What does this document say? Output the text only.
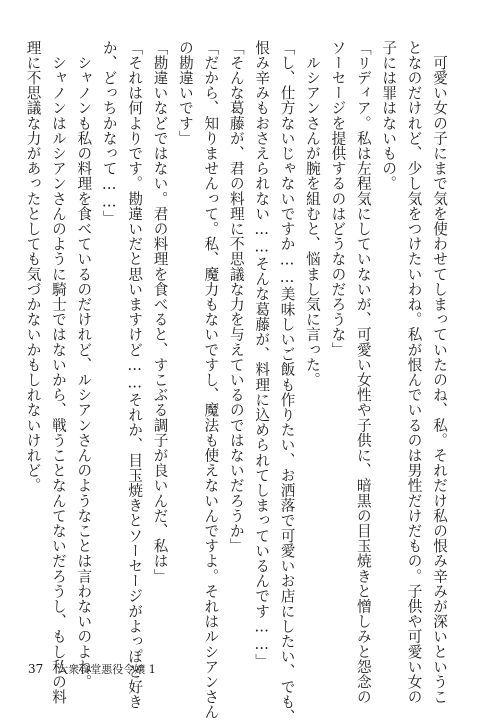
　可愛い女の子にまで気を使わせてしまっていたのね、私。それだけ私の恨み辛みが深いというこ

となのだけれど、少し気をつけたいわね。私が恨んでいるのは男性だけだもの。子供や可愛い女の

子には罪はないもの。

「リディア。私は左程気にしていないが、可愛い女性や子供に、暗黒の目玉焼きと憎しみと怨念の

ソーセージを提供するのはどうなのだろうな」

　ルシアンさんが腕を組むと、悩まし気に言った。

「し、仕方ないじゃないですか……美味しいご飯も作りたい、お洒落で可愛いお店にしたい、でも、

恨み辛みもおさえられない……そんな葛藤が、料理に込められてしまっているんです……」

「そんな葛藤が、君の料理に不思議な力を与えているのではないだろうか」

「だから、知りませんって。私、魔力もないですし、魔法も使えないんですよ。それはルシアンさん

の勘違いです」

「勘違いなどではない。君の料理を食べると、すこぶる調子が良いんだ、私は」

「それは何よりです。勘違いだと思いますけど……それか、目玉焼きとソーセージがよっぽど好き

か、どっちかなって……」

　シャノンも私の料理を食べているのだけれど、ルシアンさんのようなことは言わないのよね。

　シャノンはルシアンさんのように騎士ではないから、戦うことなんてないだろうし、もし私の料

理に不思議な力があったとしても気づかないかもしれないけれど。

37 大衆食堂悪役令嬢 1
